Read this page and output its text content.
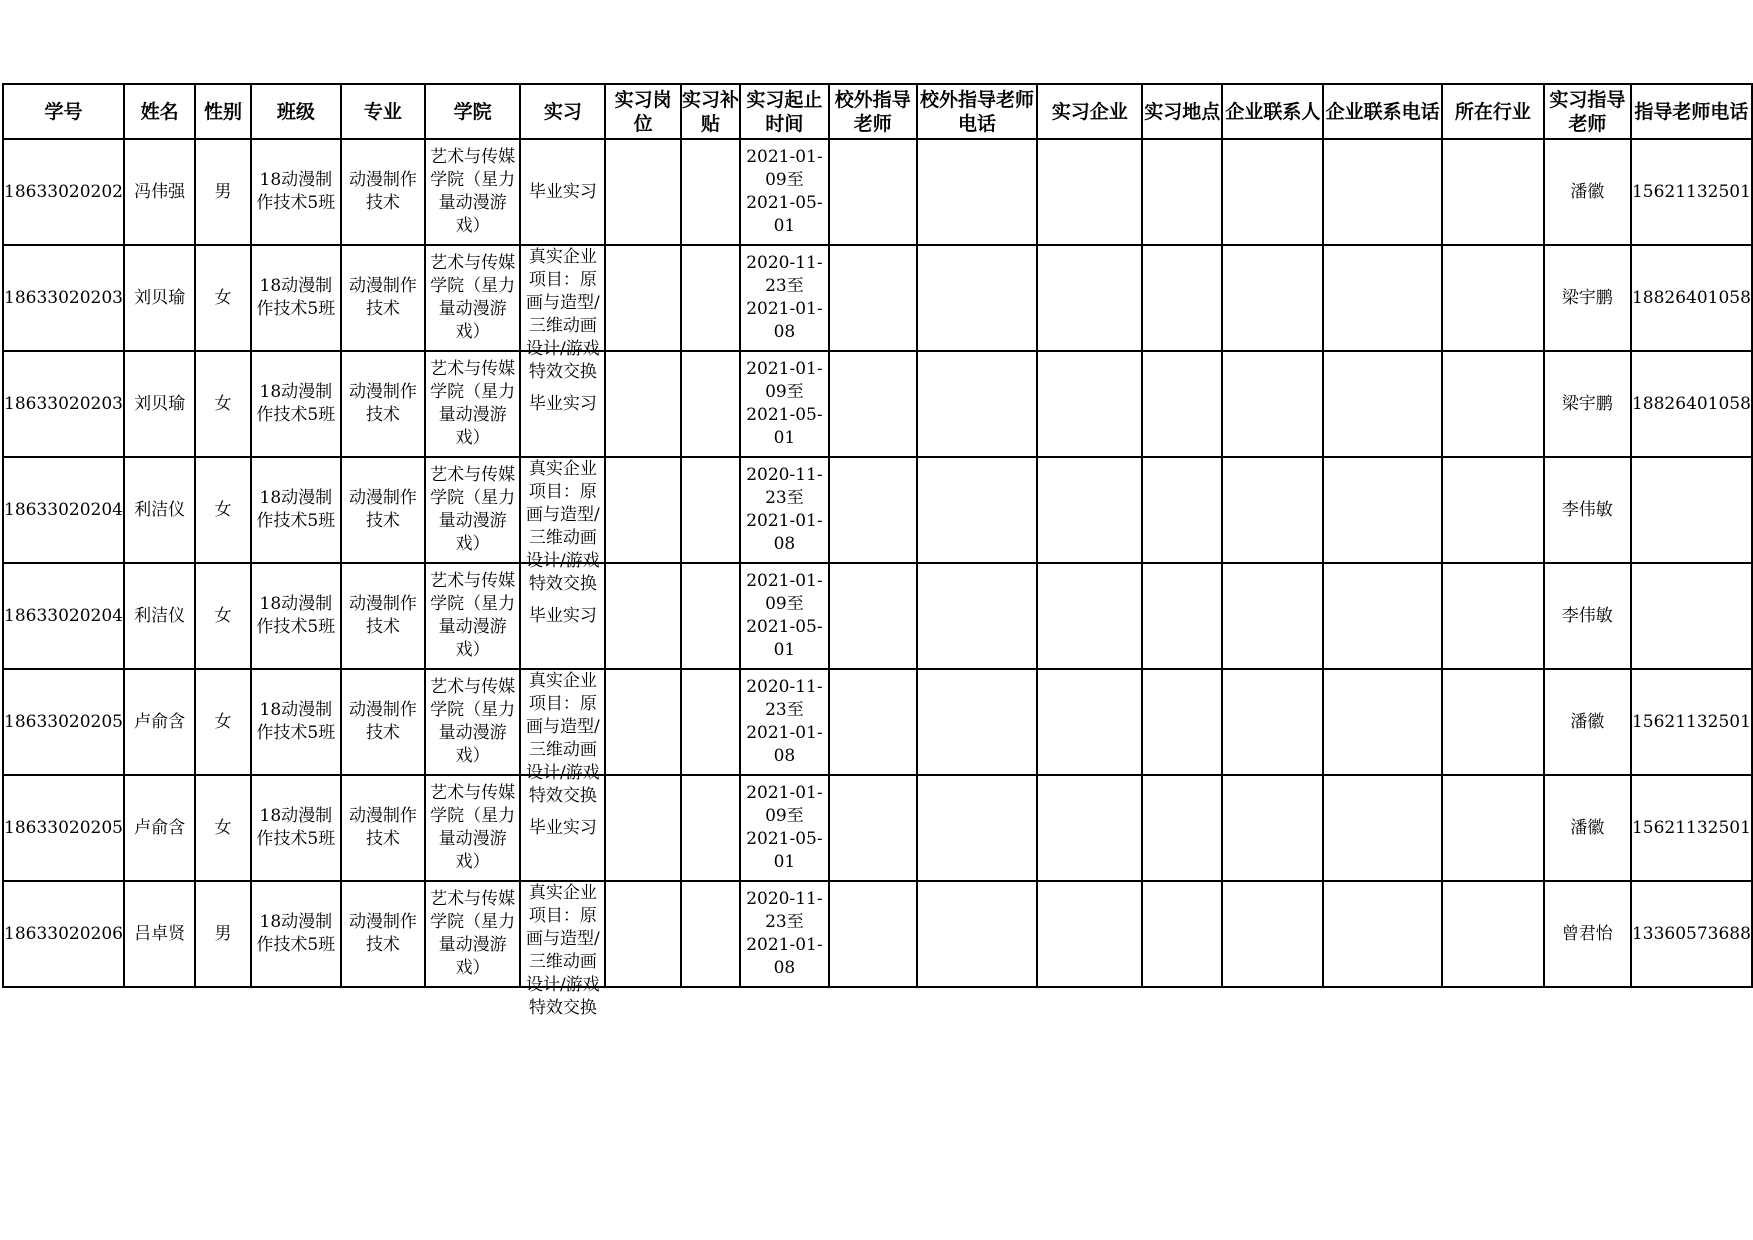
学号	姓名	性别	班级	专业	学院	实习	实习岗位	实习补贴	实习起止时间	校外指导老师	校外指导老师电话	实习企业	实习地点	企业联系人	企业联系电话	所在行业	实习指导老师	指导老师电话

18633020202	冯伟强	男	18动漫制作技术5班	动漫制作技术	艺术与传媒学院（星力量动漫游戏）	毕业实习			2021-01-09至2021-05-01								潘徽	15621132501

18633020203	刘贝瑜	女	18动漫制作技术5班	动漫制作技术	艺术与传媒学院（星力量动漫游戏）	真实企业项目：原画与造型/三维动画设计/游戏特效交换			2020-11-23至2021-01-08								梁宇鹏	18826401058

18633020203	刘贝瑜	女	18动漫制作技术5班	动漫制作技术	艺术与传媒学院（星力量动漫游戏）	毕业实习			2021-01-09至2021-05-01								梁宇鹏	18826401058

18633020204	利洁仪	女	18动漫制作技术5班	动漫制作技术	艺术与传媒学院（星力量动漫游戏）	真实企业项目：原画与造型/三维动画设计/游戏特效交换			2020-11-23至2021-01-08								李伟敏	

18633020204	利洁仪	女	18动漫制作技术5班	动漫制作技术	艺术与传媒学院（星力量动漫游戏）	毕业实习			2021-01-09至2021-05-01								李伟敏	

18633020205	卢俞含	女	18动漫制作技术5班	动漫制作技术	艺术与传媒学院（星力量动漫游戏）	真实企业项目：原画与造型/三维动画设计/游戏特效交换			2020-11-23至2021-01-08								潘徽	15621132501

18633020205	卢俞含	女	18动漫制作技术5班	动漫制作技术	艺术与传媒学院（星力量动漫游戏）	毕业实习			2021-01-09至2021-05-01								潘徽	15621132501

18633020206	吕卓贤	男	18动漫制作技术5班	动漫制作技术	艺术与传媒学院（星力量动漫游戏）	真实企业项目：原画与造型/三维动画设计/游戏特效交换			2020-11-23至2021-01-08								曾君怡	13360573688
